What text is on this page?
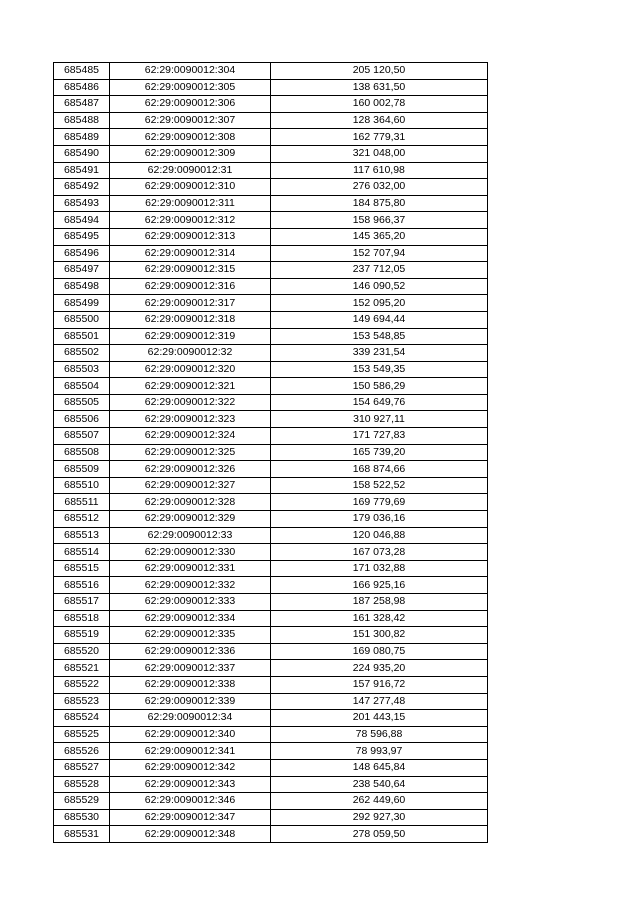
685485	62:29:0090012:304	205 120,50
685486	62:29:0090012:305	138 631,50
685487	62:29:0090012:306	160 002,78
685488	62:29:0090012:307	128 364,60
685489	62:29:0090012:308	162 779,31
685490	62:29:0090012:309	321 048,00
685491	62:29:0090012:31	117 610,98
685492	62:29:0090012:310	276 032,00
685493	62:29:0090012:311	184 875,80
685494	62:29:0090012:312	158 966,37
685495	62:29:0090012:313	145 365,20
685496	62:29:0090012:314	152 707,94
685497	62:29:0090012:315	237 712,05
685498	62:29:0090012:316	146 090,52
685499	62:29:0090012:317	152 095,20
685500	62:29:0090012:318	149 694,44
685501	62:29:0090012:319	153 548,85
685502	62:29:0090012:32	339 231,54
685503	62:29:0090012:320	153 549,35
685504	62:29:0090012:321	150 586,29
685505	62:29:0090012:322	154 649,76
685506	62:29:0090012:323	310 927,11
685507	62:29:0090012:324	171 727,83
685508	62:29:0090012:325	165 739,20
685509	62:29:0090012:326	168 874,66
685510	62:29:0090012:327	158 522,52
685511	62:29:0090012:328	169 779,69
685512	62:29:0090012:329	179 036,16
685513	62:29:0090012:33	120 046,88
685514	62:29:0090012:330	167 073,28
685515	62:29:0090012:331	171 032,88
685516	62:29:0090012:332	166 925,16
685517	62:29:0090012:333	187 258,98
685518	62:29:0090012:334	161 328,42
685519	62:29:0090012:335	151 300,82
685520	62:29:0090012:336	169 080,75
685521	62:29:0090012:337	224 935,20
685522	62:29:0090012:338	157 916,72
685523	62:29:0090012:339	147 277,48
685524	62:29:0090012:34	201 443,15
685525	62:29:0090012:340	78 596,88
685526	62:29:0090012:341	78 993,97
685527	62:29:0090012:342	148 645,84
685528	62:29:0090012:343	238 540,64
685529	62:29:0090012:346	262 449,60
685530	62:29:0090012:347	292 927,30
685531	62:29:0090012:348	278 059,50
